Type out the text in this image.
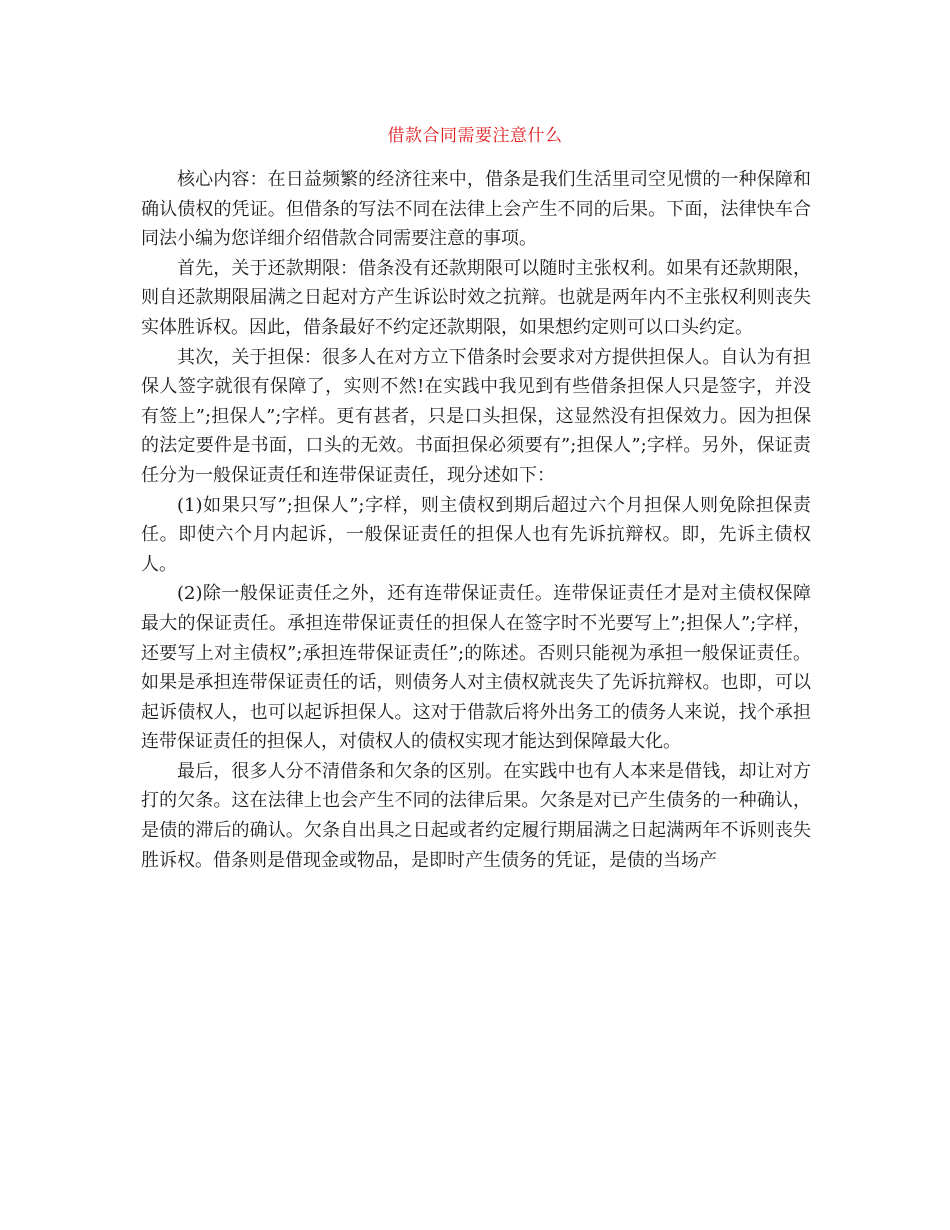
借款合同需要注意什么

核心内容：在日益频繁的经济往来中，借条是我们生活里司空见惯的一种保障和确认债权的凭证。但借条的写法不同在法律上会产生不同的后果。下面，法律快车合同法小编为您详细介绍借款合同需要注意的事项。

首先，关于还款期限：借条没有还款期限可以随时主张权利。如果有还款期限，则自还款期限届满之日起对方产生诉讼时效之抗辩。也就是两年内不主张权利则丧失实体胜诉权。因此，借条最好不约定还款期限，如果想约定则可以口头约定。

其次，关于担保：很多人在对方立下借条时会要求对方提供担保人。自认为有担保人签字就很有保障了，实则不然!在实践中我见到有些借条担保人只是签字，并没有签上”;担保人”;字样。更有甚者，只是口头担保，这显然没有担保效力。因为担保的法定要件是书面，口头的无效。书面担保必须要有”;担保人”;字样。另外，保证责任分为一般保证责任和连带保证责任，现分述如下：

(1)如果只写”;担保人”;字样，则主债权到期后超过六个月担保人则免除担保责任。即使六个月内起诉，一般保证责任的担保人也有先诉抗辩权。即，先诉主债权人。

(2)除一般保证责任之外，还有连带保证责任。连带保证责任才是对主债权保障最大的保证责任。承担连带保证责任的担保人在签字时不光要写上”;担保人”;字样，还要写上对主债权”;承担连带保证责任”;的陈述。否则只能视为承担一般保证责任。如果是承担连带保证责任的话，则债务人对主债权就丧失了先诉抗辩权。也即，可以起诉债权人，也可以起诉担保人。这对于借款后将外出务工的债务人来说，找个承担连带保证责任的担保人，对债权人的债权实现才能达到保障最大化。

最后，很多人分不清借条和欠条的区别。在实践中也有人本来是借钱，却让对方打的欠条。这在法律上也会产生不同的法律后果。欠条是对已产生债务的一种确认，是债的滞后的确认。欠条自出具之日起或者约定履行期届满之日起满两年不诉则丧失胜诉权。借条则是借现金或物品，是即时产生债务的凭证，是债的当场产
